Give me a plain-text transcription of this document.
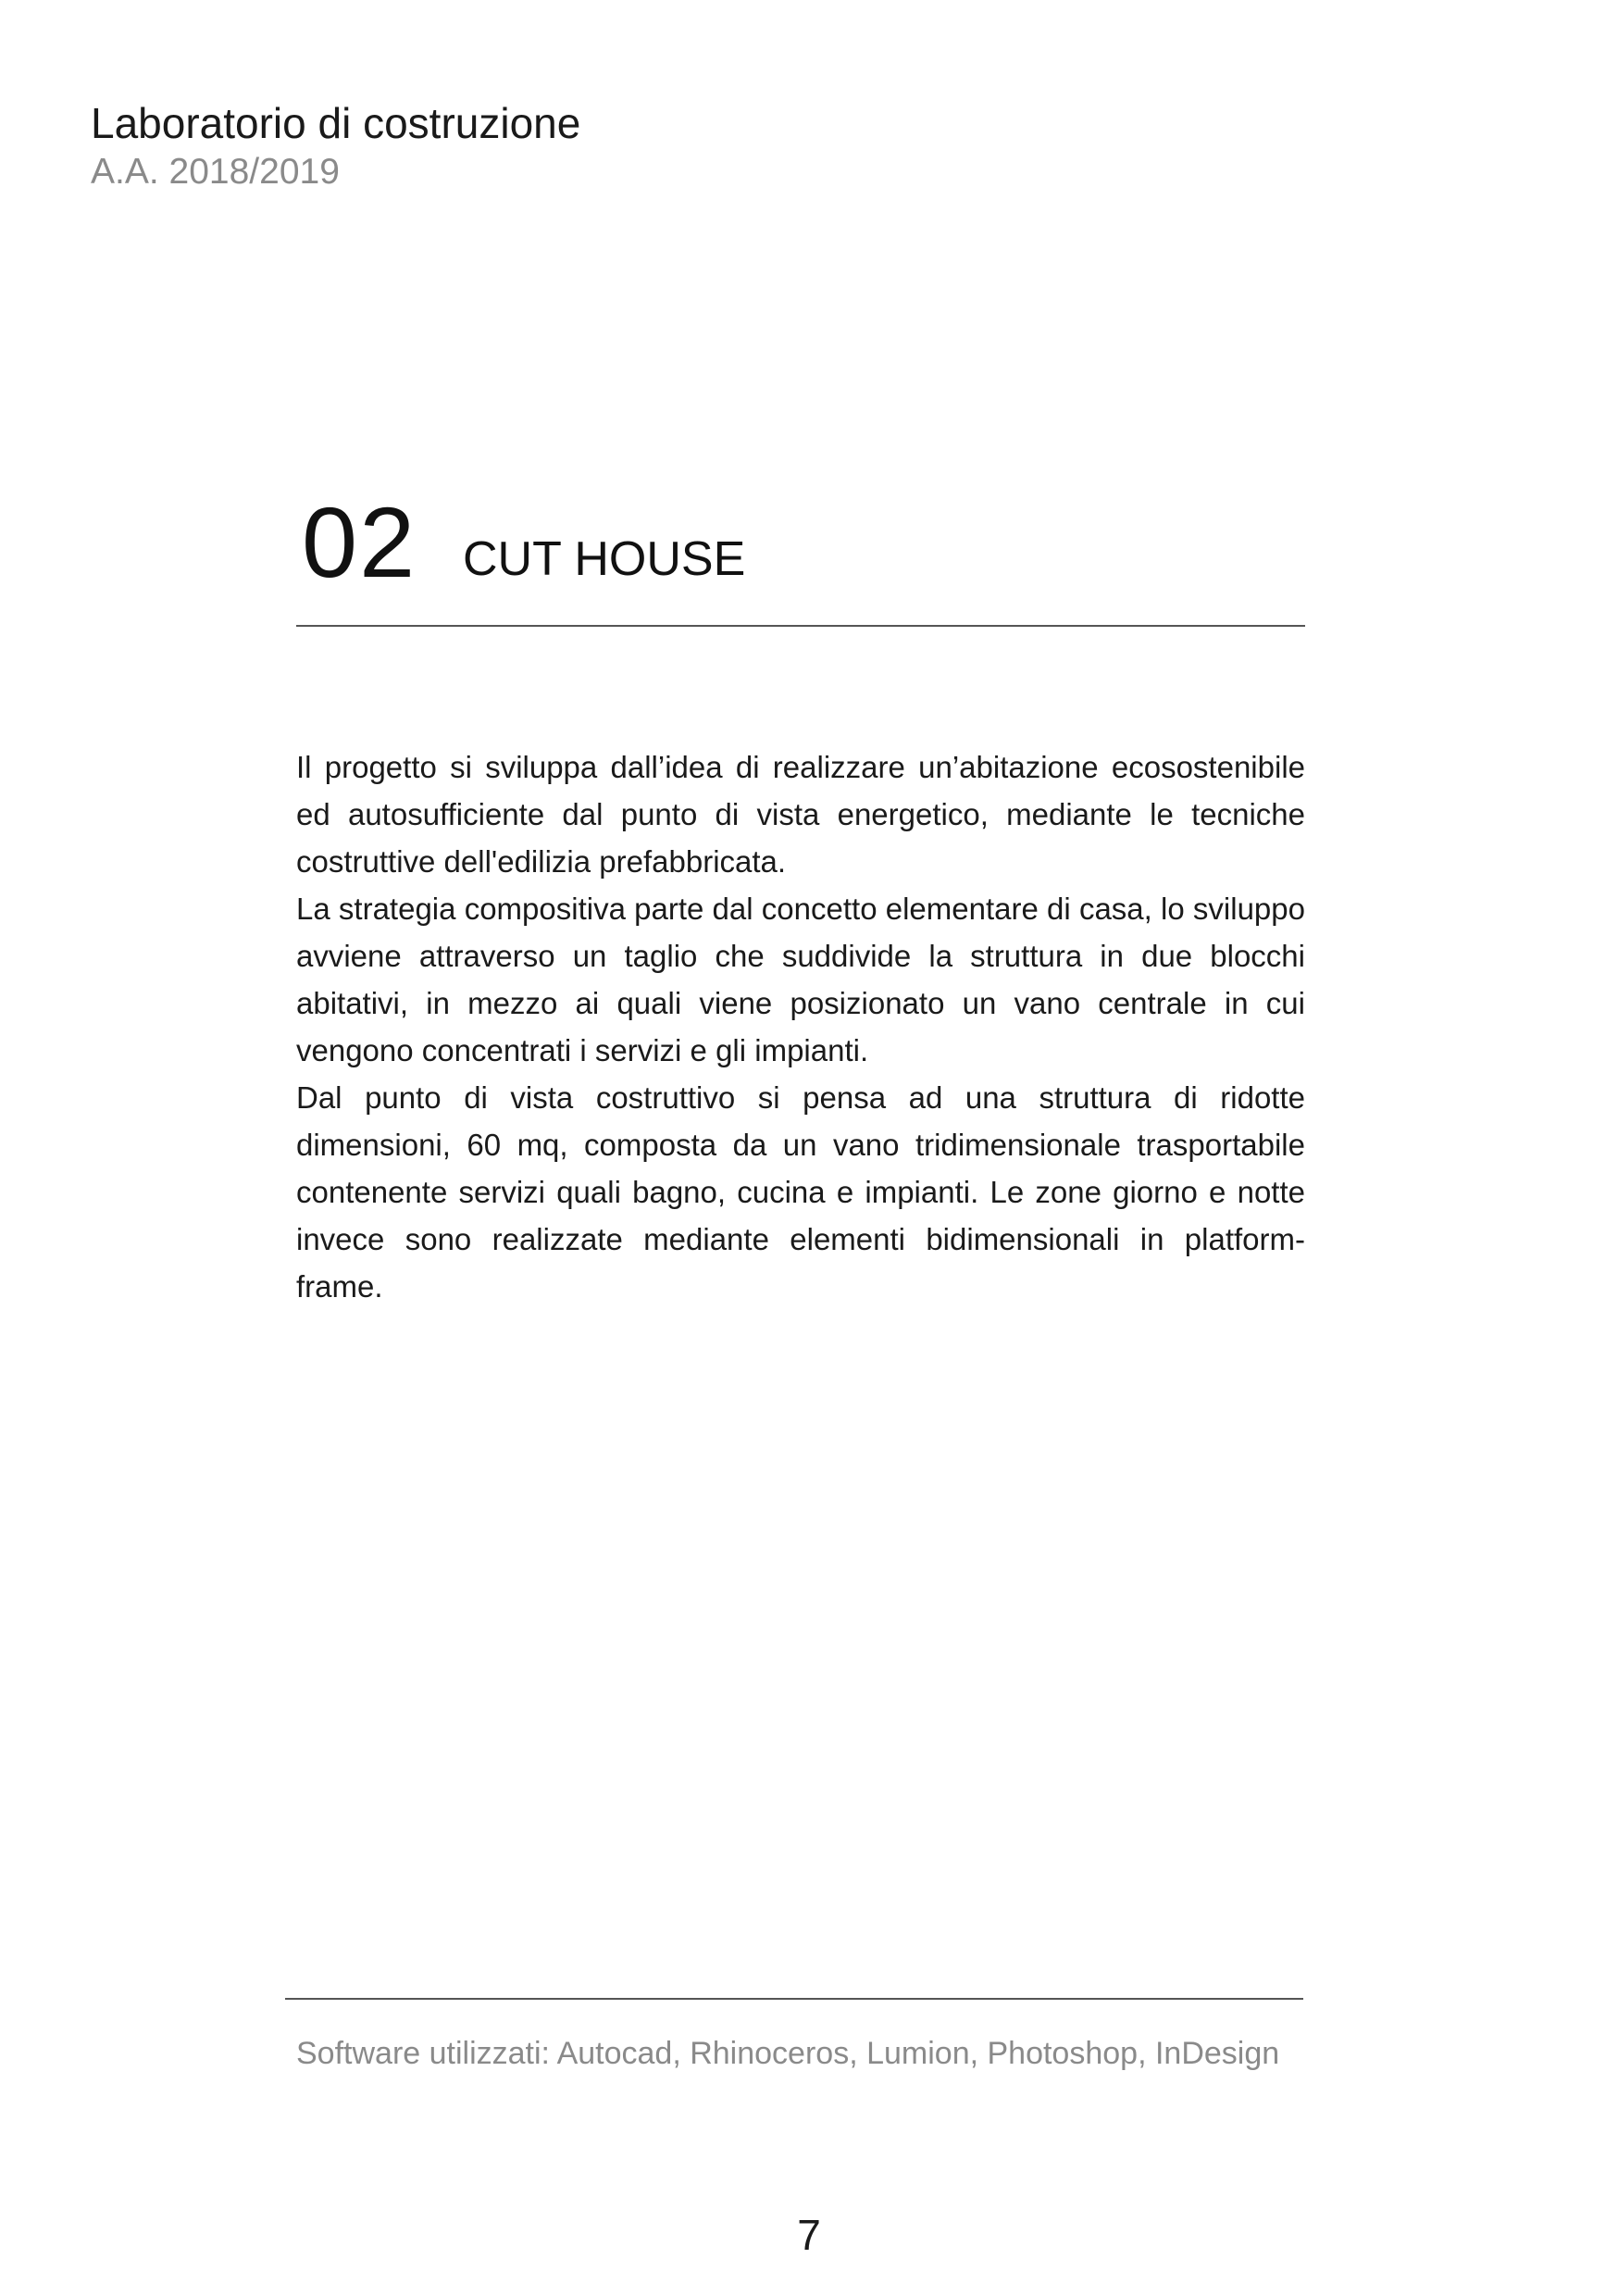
Laboratorio di costruzione
A.A. 2018/2019
02 CUT HOUSE

Il progetto si sviluppa dall’idea di realizzare un’abitazione ecosostenibile ed autosufficiente dal punto di vista energetico, mediante le tecniche costruttive dell'edilizia prefabbricata.

La strategia compositiva parte dal concetto elementare di casa, lo sviluppo avviene attraverso un taglio che suddivide la struttura in due blocchi abitativi, in mezzo ai quali viene posizionato un vano centrale in cui vengono concentrati i servizi e gli impianti.

Dal punto di vista costruttivo si pensa ad una struttura di ridotte dimensioni, 60 mq, composta da un vano tridimensionale trasportabile contenente servizi quali bagno, cucina e impianti. Le zone giorno e notte invece sono realizzate mediante elementi bidimensionali in platform-frame.

Software utilizzati: Autocad, Rhinoceros, Lumion, Photoshop, InDesign
7
